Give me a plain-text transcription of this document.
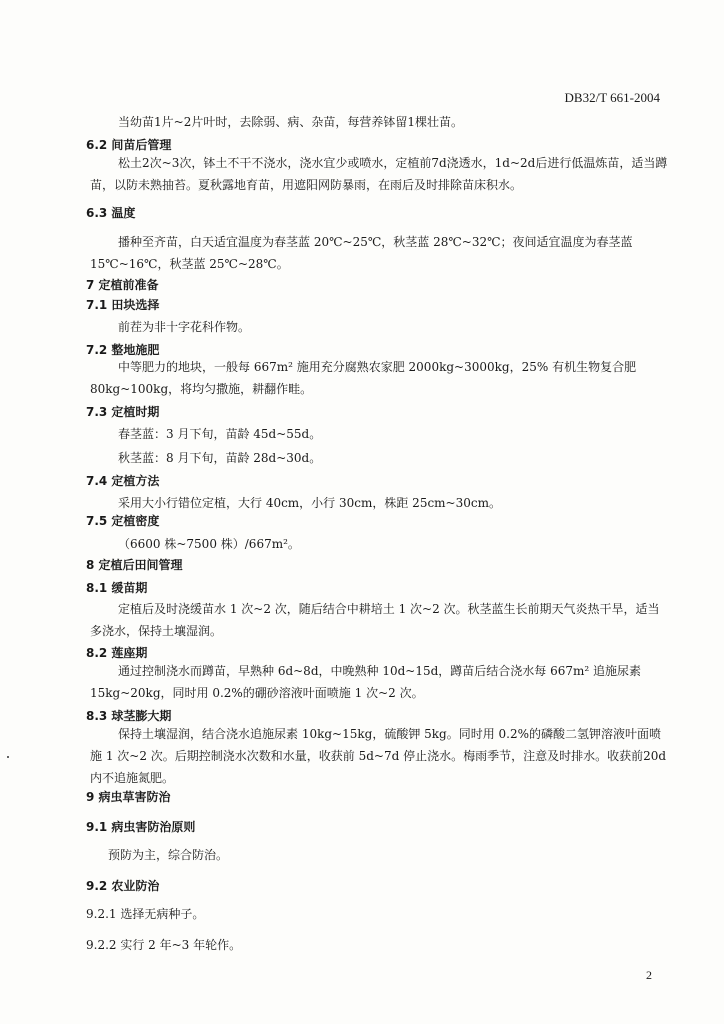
DB32/T 661-2004
当幼苗1片~2片叶时，去除弱、病、杂苗，每营养钵留1棵壮苗。
6.2 间苗后管理
松土2次~3次，钵土不干不浇水，浇水宜少或喷水，定植前7d浇透水，1d~2d后进行低温炼苗，适当蹲苗，以防未熟抽苔。夏秋露地育苗，用遮阳网防暴雨，在雨后及时排除苗床积水。
6.3 温度
播种至齐苗，白天适宜温度为春茎蓝 20℃~25℃，秋茎蓝 28℃~32℃；夜间适宜温度为春茎蓝15℃~16℃，秋茎蓝 25℃~28℃。
7 定植前准备
7.1 田块选择
前茬为非十字花科作物。
7.2 整地施肥
中等肥力的地块，一般每 667m² 施用充分腐熟农家肥 2000kg~3000kg，25% 有机生物复合肥80kg~100kg，将均匀撒施，耕翻作畦。
7.3 定植时期
春茎蓝：3 月下旬，苗龄 45d~55d。
秋茎蓝：8 月下旬，苗龄 28d~30d。
7.4 定植方法
采用大小行错位定植，大行 40cm，小行 30cm，株距 25cm~30cm。
7.5 定植密度
（6600 株~7500 株）/667m²。
8 定植后田间管理
8.1 缓苗期
定植后及时浇缓苗水 1 次~2 次，随后结合中耕培土 1 次~2 次。秋茎蓝生长前期天气炎热干旱，适当多浇水，保持土壤湿润。
8.2 莲座期
通过控制浇水而蹲苗，早熟种 6d~8d，中晚熟种 10d~15d，蹲苗后结合浇水每 667m² 追施尿素15kg~20kg，同时用 0.2%的硼砂溶液叶面喷施 1 次~2 次。
8.3 球茎膨大期
保持土壤湿润，结合浇水追施尿素 10kg~15kg，硫酸钾 5kg。同时用 0.2%的磷酸二氢钾溶液叶面喷施 1 次~2 次。后期控制浇水次数和水量，收获前 5d~7d 停止浇水。梅雨季节，注意及时排水。收获前20d 内不追施氮肥。
9 病虫草害防治
9.1 病虫害防治原则
预防为主，综合防治。
9.2 农业防治
9.2.1 选择无病种子。
9.2.2 实行 2 年~3 年轮作。
2
